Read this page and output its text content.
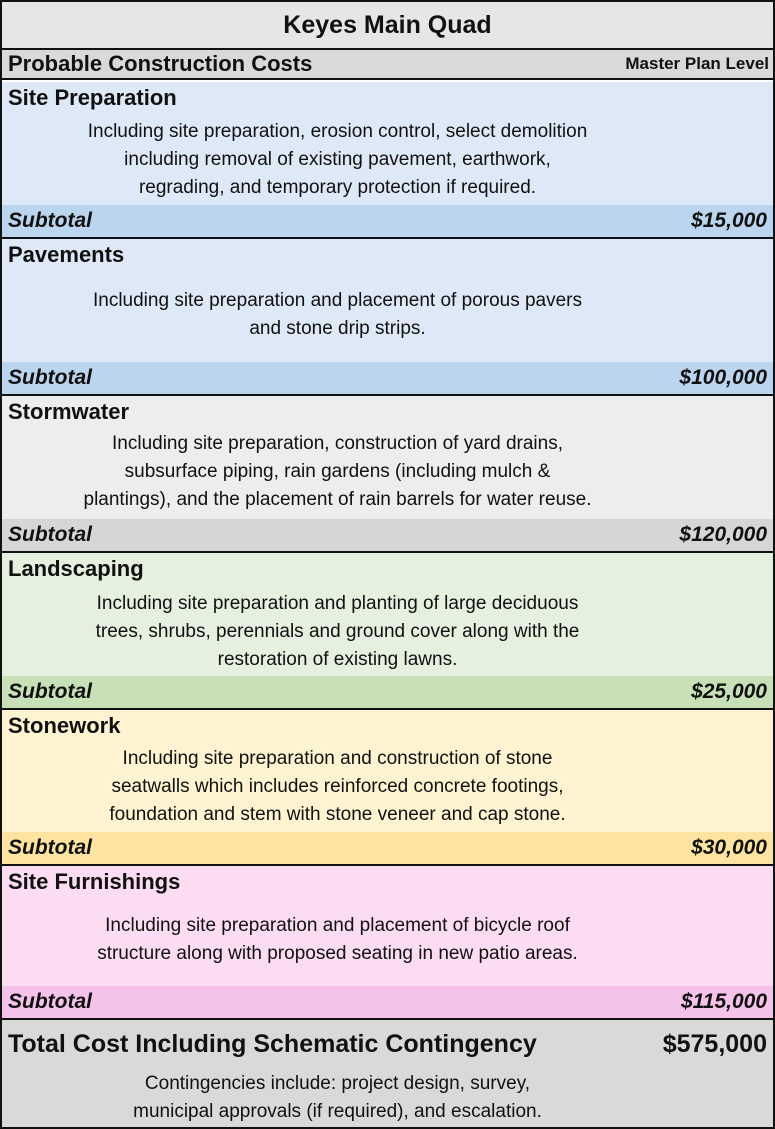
Keyes Main Quad
Probable Construction Costs	Master Plan Level
Site Preparation
Including site preparation, erosion control, select demolition
including removal of existing pavement, earthwork,
regrading, and temporary protection if required.
Subtotal	$15,000
Pavements
Including site preparation and placement of porous pavers
and stone drip strips.
Subtotal	$100,000
Stormwater
Including site preparation, construction of yard drains,
subsurface piping, rain gardens (including mulch &
plantings), and the placement of rain barrels for water reuse.
Subtotal	$120,000
Landscaping
Including site preparation and planting of large deciduous
trees, shrubs, perennials and ground cover along with the
restoration of existing lawns.
Subtotal	$25,000
Stonework
Including site preparation and construction of stone
seatwalls which includes reinforced concrete footings,
foundation and stem with stone veneer and cap stone.
Subtotal	$30,000
Site Furnishings
Including site preparation and placement of bicycle roof
structure along with proposed seating in new patio areas.
Subtotal	$115,000
Total Cost Including Schematic Contingency	$575,000
Contingencies include: project design, survey,
municipal approvals (if required), and escalation.
